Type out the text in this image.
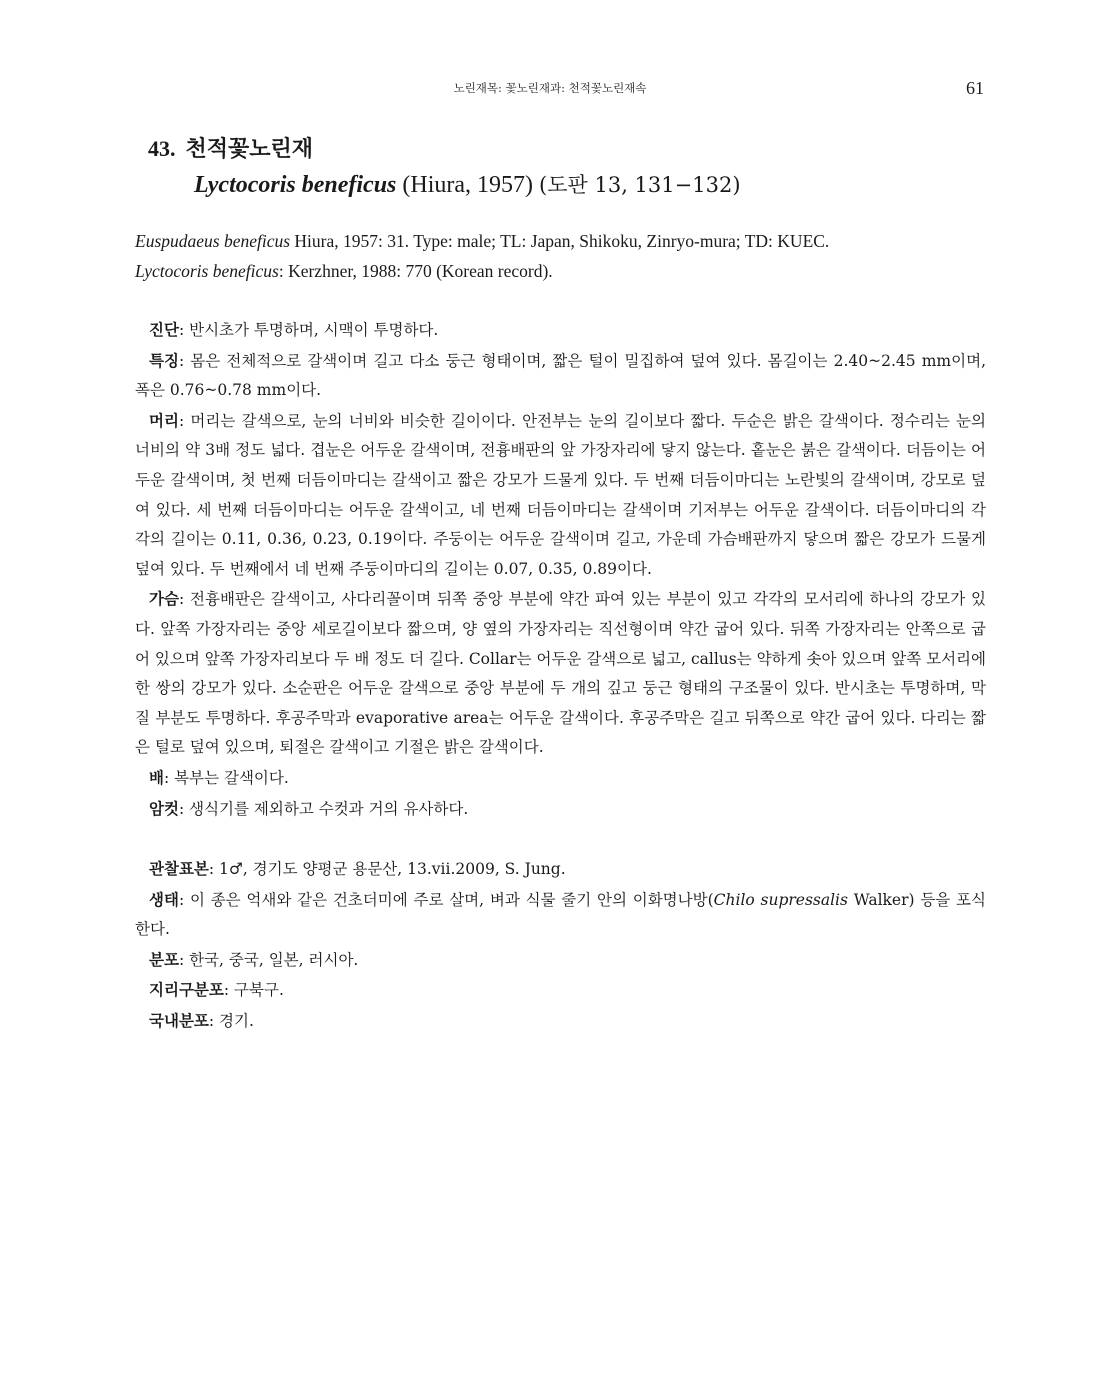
노린재목: 꽃노린재과: 천적꽃노린재속	61
43. 천적꽃노린재
Lyctocoris beneficus (Hiura, 1957) (도판 13, 131−132)
Euspudaeus beneficus Hiura, 1957: 31. Type: male; TL: Japan, Shikoku, Zinryo-mura; TD: KUEC.
Lyctocoris beneficus: Kerzhner, 1988: 770 (Korean record).

진단: 반시초가 투명하며, 시맥이 투명하다.

특징: 몸은 전체적으로 갈색이며 길고 다소 둥근 형태이며, 짧은 털이 밀집하여 덮여 있다. 몸길이는 2.40~2.45 mm이며, 폭은 0.76~0.78 mm이다.

머리: 머리는 갈색으로, 눈의 너비와 비슷한 길이이다. 안전부는 눈의 길이보다 짧다. 두순은 밝은 갈색이다. 정수리는 눈의 너비의 약 3배 정도 넓다. 겹눈은 어두운 갈색이며, 전흉배판의 앞 가장자리에 닿지 않는다. 홑눈은 붉은 갈색이다. 더듬이는 어두운 갈색이며, 첫 번째 더듬이마디는 갈색이고 짧은 강모가 드물게 있다. 두 번째 더듬이마디는 노란빛의 갈색이며, 강모로 덮여 있다. 세 번째 더듬이마디는 어두운 갈색이고, 네 번째 더듬이마디는 갈색이며 기저부는 어두운 갈색이다. 더듬이마디의 각각의 길이는 0.11, 0.36, 0.23, 0.19이다. 주둥이는 어두운 갈색이며 길고, 가운데 가슴배판까지 닿으며 짧은 강모가 드물게 덮여 있다. 두 번째에서 네 번째 주둥이마디의 길이는 0.07, 0.35, 0.89이다.

가슴: 전흉배판은 갈색이고, 사다리꼴이며 뒤쪽 중앙 부분에 약간 파여 있는 부분이 있고 각각의 모서리에 하나의 강모가 있다. 앞쪽 가장자리는 중앙 세로길이보다 짧으며, 양 옆의 가장자리는 직선형이며 약간 굽어 있다. 뒤쪽 가장자리는 안쪽으로 굽어 있으며 앞쪽 가장자리보다 두 배 정도 더 길다. Collar는 어두운 갈색으로 넓고, callus는 약하게 솟아 있으며 앞쪽 모서리에 한 쌍의 강모가 있다. 소순판은 어두운 갈색으로 중앙 부분에 두 개의 깊고 둥근 형태의 구조물이 있다. 반시초는 투명하며, 막질 부분도 투명하다. 후공주막과 evaporative area는 어두운 갈색이다. 후공주막은 길고 뒤쪽으로 약간 굽어 있다. 다리는 짧은 털로 덮여 있으며, 퇴절은 갈색이고 기절은 밝은 갈색이다.

배: 복부는 갈색이다.

암컷: 생식기를 제외하고 수컷과 거의 유사하다.

관찰표본: 1♂, 경기도 양평군 용문산, 13.vii.2009, S. Jung.

생태: 이 종은 억새와 같은 건초더미에 주로 살며, 벼과 식물 줄기 안의 이화명나방(Chilo supressalis Walker) 등을 포식한다.

분포: 한국, 중국, 일본, 러시아.

지리구분포: 구북구.

국내분포: 경기.
